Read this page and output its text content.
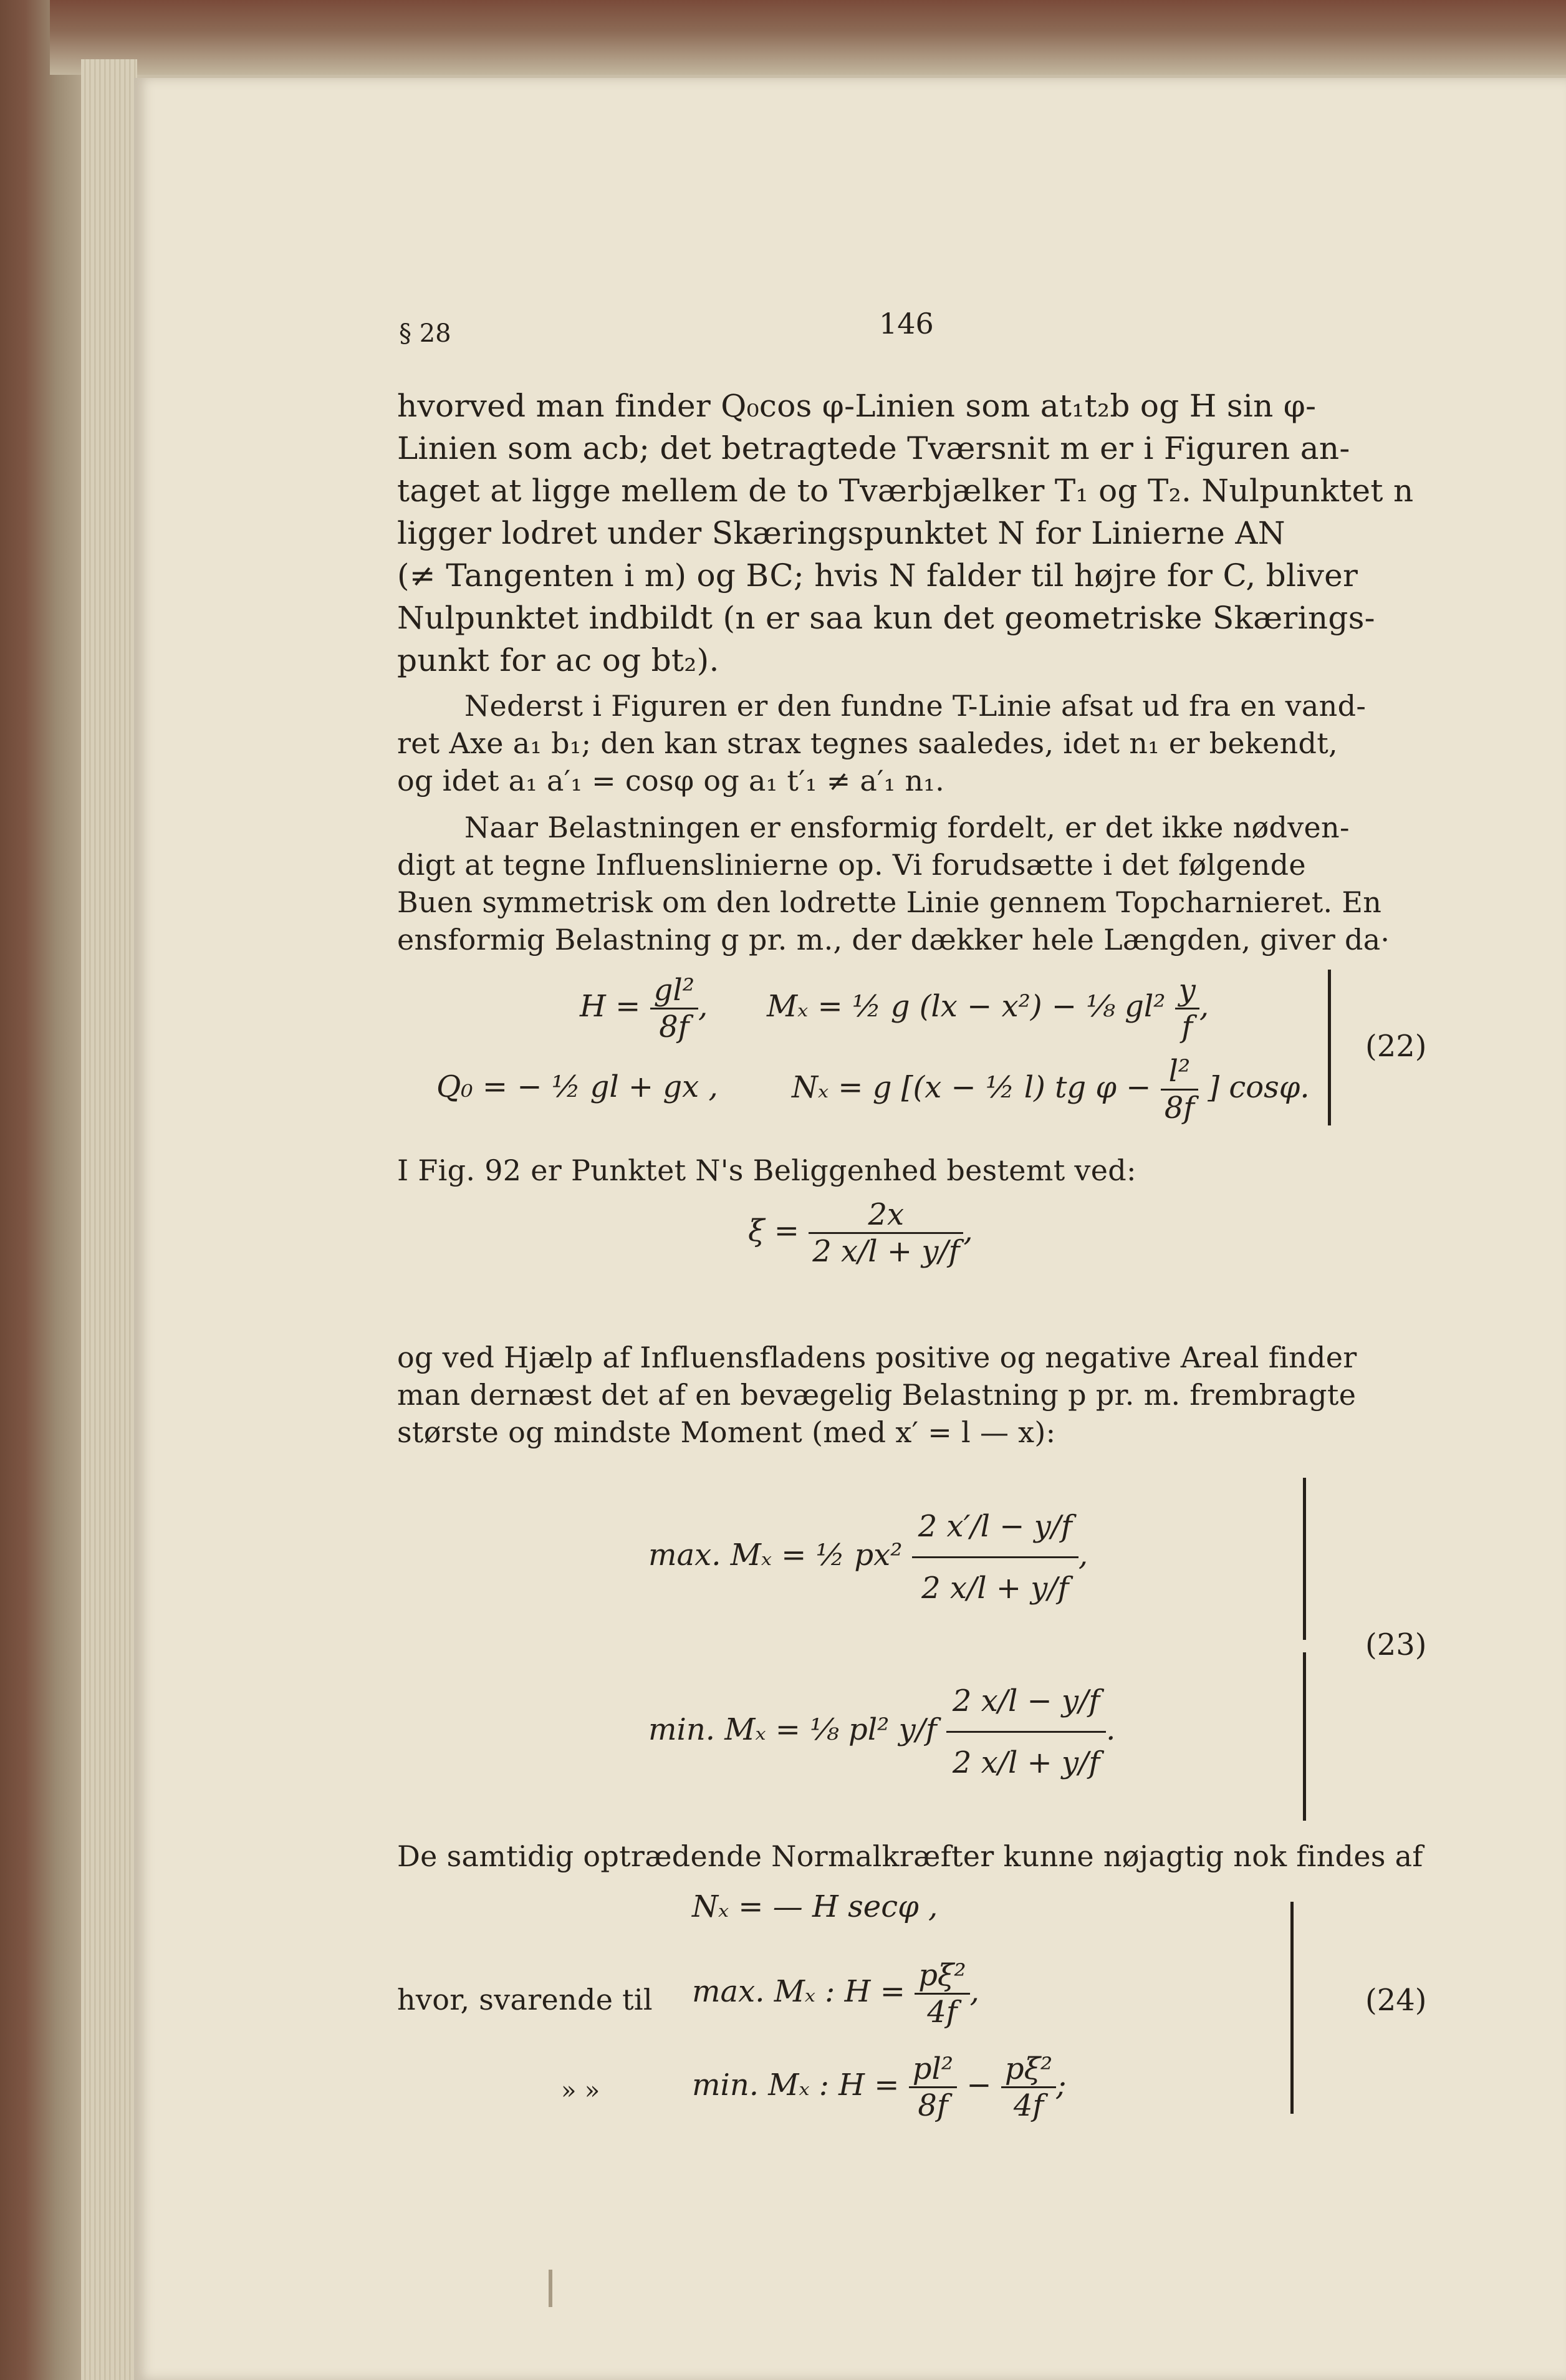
§ 28	146
hvorved man finder Q₀cos φ-Linien som at₁t₂b og H sin φ-
Linien som acb; det betragtede Tværsnit m er i Figuren an-
taget at ligge mellem de to Tværbjælker T₁ og T₂. Nulpunktet n
ligger lodret under Skæringspunktet N for Linierne AN
(≠ Tangenten i m) og BC; hvis N falder til højre for C, bliver
Nulpunktet indbildt (n er saa kun det geometriske Skærings-
punkt for ac og bt₂).
Nederst i Figuren er den fundne T-Linie afsat ud fra en vand-
ret Axe a₁ b₁; den kan strax tegnes saaledes, idet n₁ er bekendt,
og idet a₁ a′₁ = cosφ og a₁ t′₁ ≠ a′₁ n₁.
Naar Belastningen er ensformig fordelt, er det ikke nødven-
digt at tegne Influenslinierne op. Vi forudsætte i det følgende
Buen symmetrisk om den lodrette Linie gennem Topcharnieret. En
ensformig Belastning g pr. m., der dækker hele Længden, giver da·
$H = \frac{\text{gl²}}{8f}$ , Mₓ = ½ g (lx − x²) − ⅛ $gl^2 \frac{y}{f}$ ,
Q₀ = − ½ gl + gx , Nₓ = g [(x − ½ l) tg $\varphi - \frac{\text{l²}}{8f}$ ] cosφ.
(22)
I Fig. 92 er Punktet N's Beliggenhed bestemt ved:
$\xi = \frac{2x}{2 x/l + y/f}$ ,
og ved Hjælp af Influensfladens positive og negative Areal finder
man dernæst det af en bevægelig Belastning p pr. m. frembragte
største og mindste Moment (med x′ = l — x):
max. Mₓ = ½ $px^2 \frac{2 x'/l - y/f}{2 x/l + y/f}$ ,
min. Mₓ = ⅛ pl² $y/f \frac{2 x/l - y/f}{2 x/l + y/f}$ .
(23)
De samtidig optrædende Normalkræfter kunne nøjagtig nok findes af
Nₓ = — H secφ ,
hvor, svarende til max. Mₓ : $H = \frac{\text{pξ²}}{4f}$ ,
» »	min. Mₓ : $H = \frac{\text{pl²}}{8f} - \frac{\text{pξ²}}{4f}$ ;
(24)
